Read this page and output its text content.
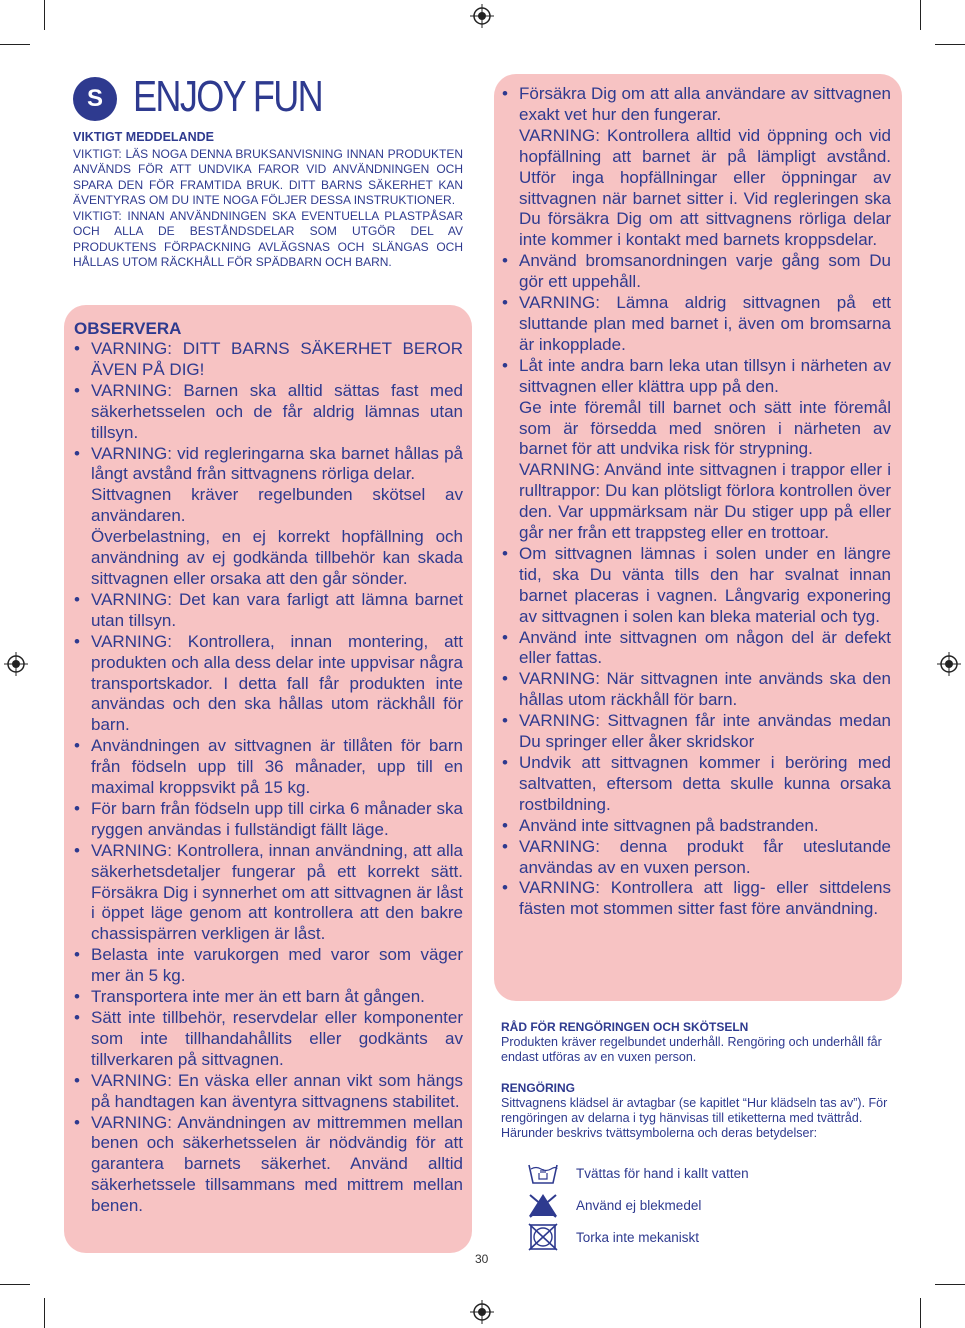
S ENJOY FUN
VIKTIGT MEDDELANDE

VIKTIGT: LÄS NOGA DENNA BRUKSANVISNING INNAN PRODUKTEN ANVÄNDS FÖR ATT UNDVIKA FAROR VID ANVÄNDNINGEN OCH SPARA DEN FÖR FRAMTIDA BRUK. DITT BARNS SÄKERHET KAN ÄVENTYRAS OM DU INTE NOGA FÖLJER DESSA INSTRUKTIONER.

VIKTIGT: INNAN ANVÄNDNINGEN SKA EVENTUELLA PLASTPÅSAR OCH ALLA DE BESTÅNDSDELAR SOM UTGÖR DEL AV PRODUKTENS FÖRPACKNING AVLÄGSNAS OCH SLÄNGAS OCH HÅLLAS UTOM RÄCKHÅLL FÖR SPÄDBARN OCH BARN.

OBSERVERA
• VARNING: DITT BARNS SÄKERHET BEROR ÄVEN PÅ DIG!
• VARNING: Barnen ska alltid sättas fast med säkerhetsselen och de får aldrig lämnas utan tillsyn.
• VARNING: vid regleringarna ska barnet hållas på långt avstånd från sittvagnens rörliga delar.
Sittvagnen kräver regelbunden skötsel av användaren.
Överbelastning, en ej korrekt hopfällning och användning av ej godkända tillbehör kan skada sittvagnen eller orsaka att den går sönder.
• VARNING: Det kan vara farligt att lämna barnet utan tillsyn.
• VARNING: Kontrollera, innan montering, att produkten och alla dess delar inte uppvisar några transportskador. I detta fall får produkten inte användas och den ska hållas utom räckhåll för barn.
• Användningen av sittvagnen är tillåten för barn från födseln upp till 36 månader, upp till en maximal kroppsvikt på 15 kg.
• För barn från födseln upp till cirka 6 månader ska ryggen användas i fullständigt fällt läge.
• VARNING: Kontrollera, innan användning, att alla säkerhetsdetaljer fungerar på ett korrekt sätt. Försäkra Dig i synnerhet om att sittvagnen är låst i öppet läge genom att kontrollera att den bakre chassispärren verkligen är låst.
• Belasta inte varukorgen med varor som väger mer än 5 kg.
• Transportera inte mer än ett barn åt gången.
• Sätt inte tillbehör, reservdelar eller komponenter som inte tillhandahållits eller godkänts av tillverkaren på sittvagnen.
• VARNING: En väska eller annan vikt som hängs på handtagen kan äventyra sittvagnens stabilitet.
• VARNING: Användningen av mittremmen mellan benen och säkerhetsselen är nödvändig för att garantera barnets säkerhet. Använd alltid säkerhetssele tillsammans med mittrem mellan benen.
• Försäkra Dig om att alla användare av sittvagnen exakt vet hur den fungerar.
VARNING: Kontrollera alltid vid öppning och vid hopfällning att barnet är på lämpligt avstånd. Utför inga hopfällningar eller öppningar av sittvagnen när barnet sitter i. Vid regleringen ska Du försäkra Dig om att sittvagnens rörliga delar inte kommer i kontakt med barnets kroppsdelar.
• Använd bromsanordningen varje gång som Du gör ett uppehåll.
• VARNING: Lämna aldrig sittvagnen på ett sluttande plan med barnet i, även om bromsarna är inkopplade.
• Låt inte andra barn leka utan tillsyn i närheten av sittvagnen eller klättra upp på den.
Ge inte föremål till barnet och sätt inte föremål som är försedda med snören i närheten av barnet för att undvika risk för strypning.
VARNING: Använd inte sittvagnen i trappor eller i rulltrappor: Du kan plötsligt förlora kontrollen över den. Var uppmärksam när Du stiger upp på eller går ner från ett trappsteg eller en trottoar.
• Om sittvagnen lämnas i solen under en längre tid, ska Du vänta tills den har svalnat innan barnet placeras i vagnen. Långvarig exponering av sittvagnen i solen kan bleka material och tyg.
• Använd inte sittvagnen om någon del är defekt eller fattas.
• VARNING: När sittvagnen inte används ska den hållas utom räckhåll för barn.
• VARNING: Sittvagnen får inte användas medan Du springer eller åker skridskor
• Undvik att sittvagnen kommer i beröring med saltvatten, eftersom detta skulle kunna orsaka rostbildning.
• Använd inte sittvagnen på badstranden.
• VARNING: denna produkt får uteslutande användas av en vuxen person.
• VARNING: Kontrollera att ligg- eller sittdelens fästen mot stommen sitter fast före användning.
RÅD FÖR RENGÖRINGEN OCH SKÖTSELN

Produkten kräver regelbundet underhåll. Rengöring och underhåll får endast utföras av en vuxen person.

RENGÖRING

Sittvagnens klädsel är avtagbar (se kapitlet “Hur klädseln tas av”). För rengöringen av delarna i tyg hänvisas till etiketterna med tvättråd. Härunder beskrivs tvättsymbolerna och deras betydelser:

Tvättas för hand i kallt vatten
Använd ej blekmedel
Torka inte mekaniskt
30
